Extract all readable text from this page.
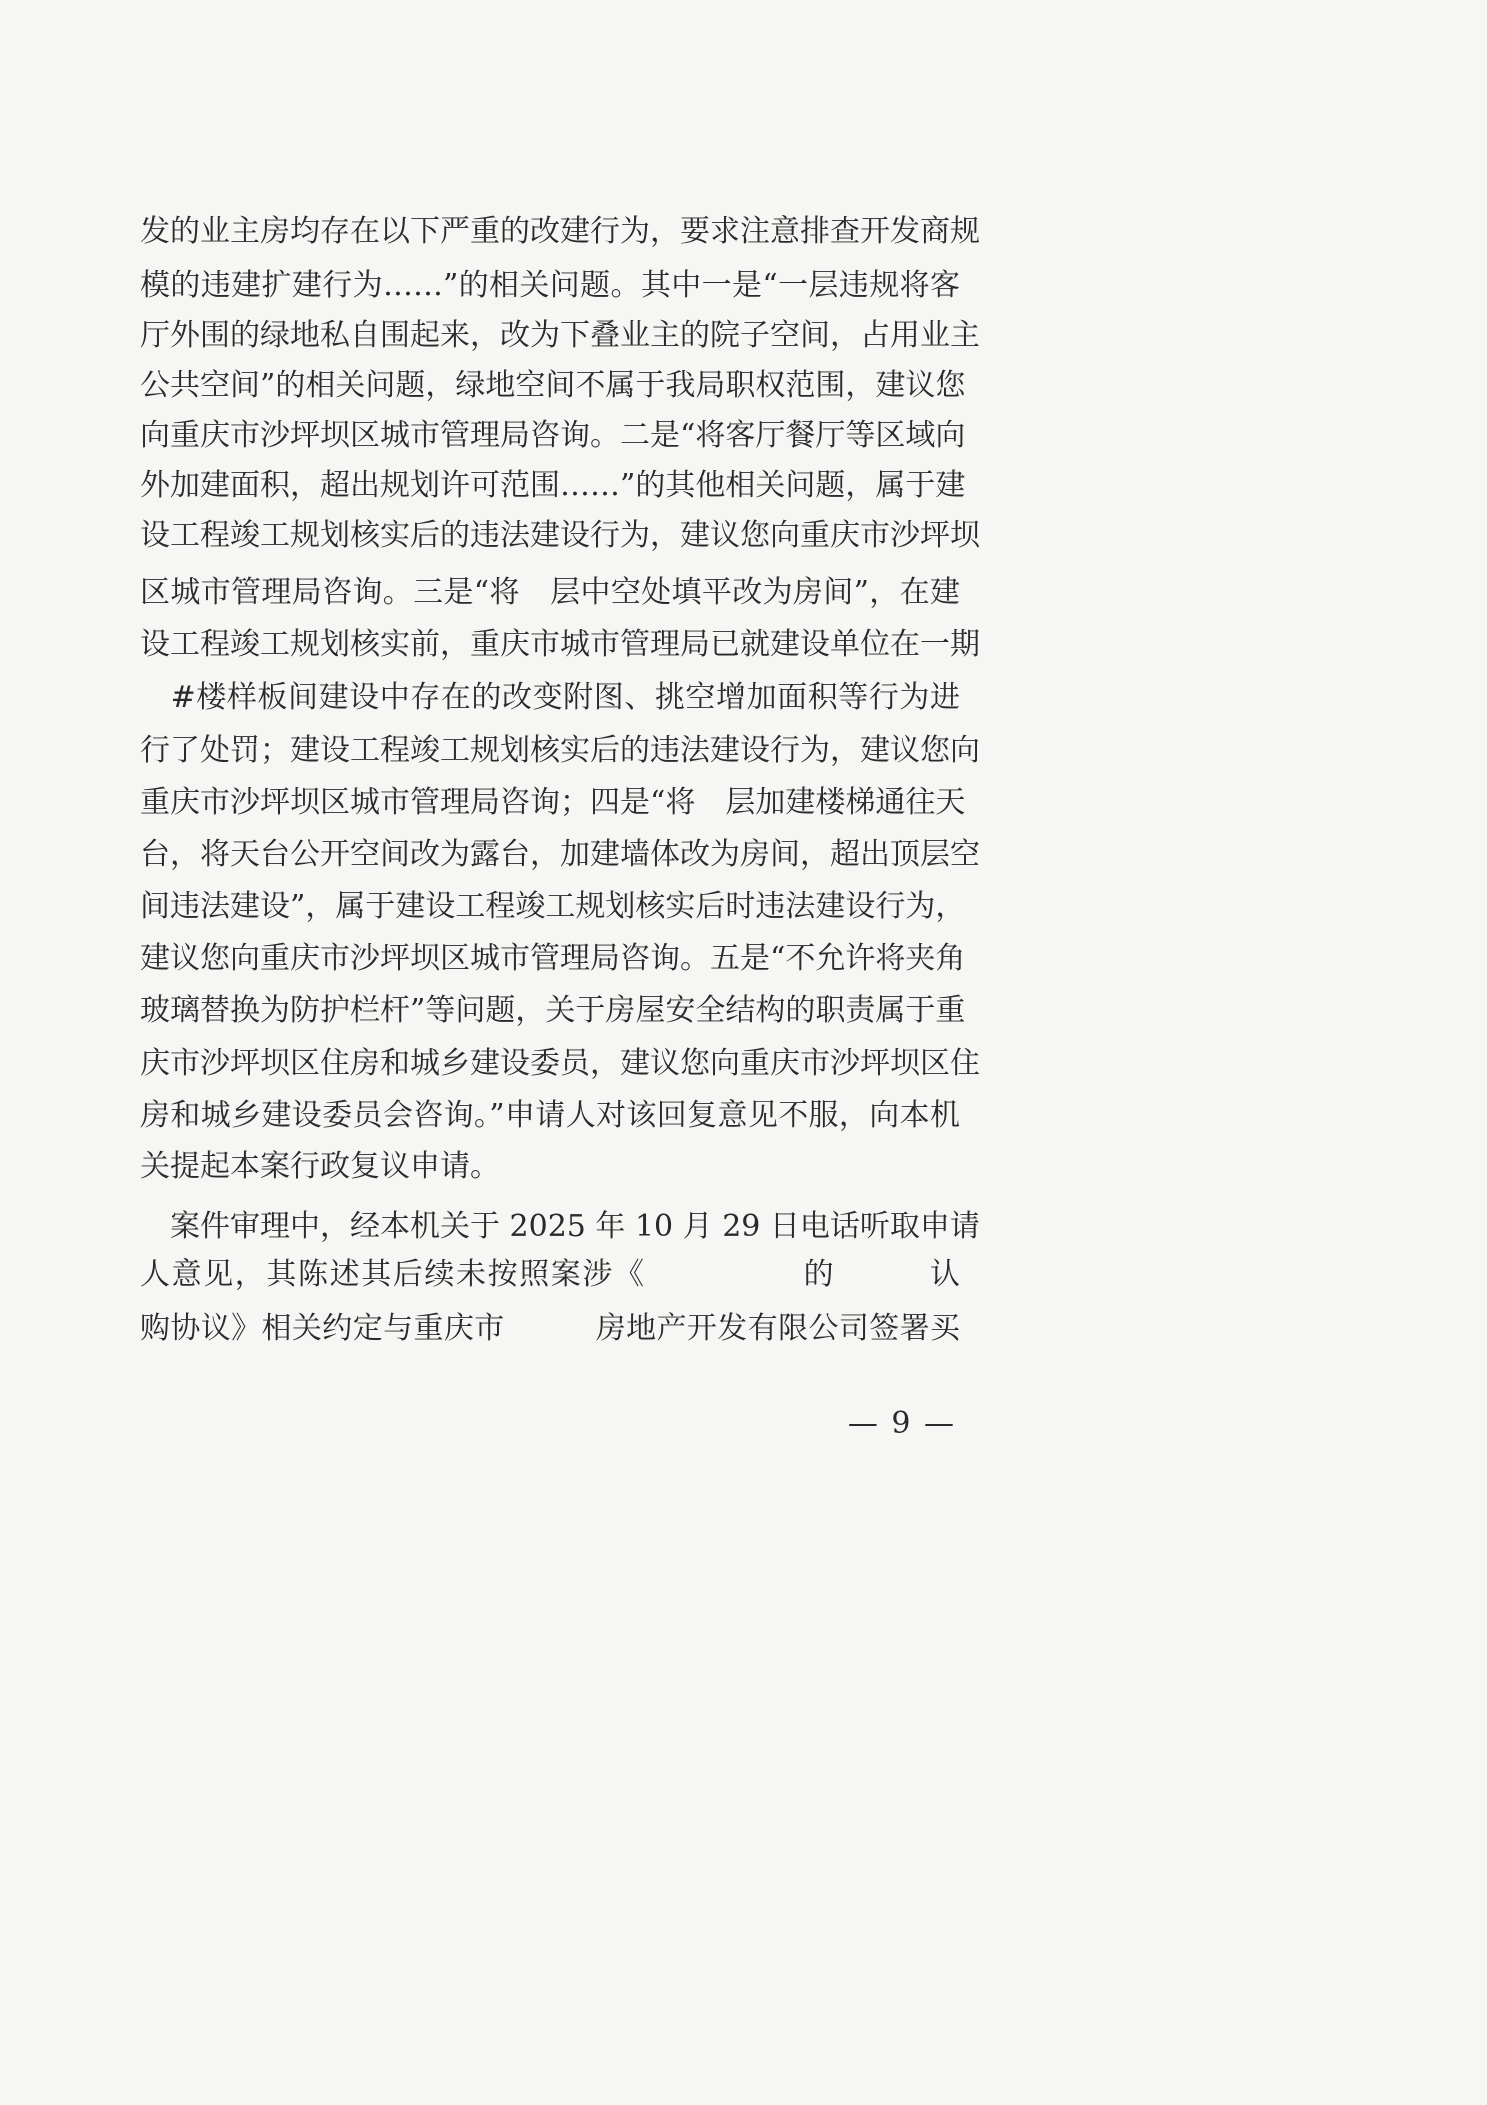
发的业主房均存在以下严重的改建行为，要求注意排查开发商规
模的违建扩建行为……”的相关问题。其中一是“一层违规将客
厅外围的绿地私自围起来，改为下叠业主的院子空间，占用业主
公共空间”的相关问题，绿地空间不属于我局职权范围，建议您
向重庆市沙坪坝区城市管理局咨询。二是“将客厅餐厅等区域向
外加建面积，超出规划许可范围……”的其他相关问题，属于建
设工程竣工规划核实后的违法建设行为，建议您向重庆市沙坪坝
区城市管理局咨询。三是“将　层中空处填平改为房间”，在建
设工程竣工规划核实前，重庆市城市管理局已就建设单位在一期
　#楼样板间建设中存在的改变附图、挑空增加面积等行为进
行了处罚；建设工程竣工规划核实后的违法建设行为，建议您向
重庆市沙坪坝区城市管理局咨询；四是“将　层加建楼梯通往天
台，将天台公开空间改为露台，加建墙体改为房间，超出顶层空
间违法建设”，属于建设工程竣工规划核实后时违法建设行为，
建议您向重庆市沙坪坝区城市管理局咨询。五是“不允许将夹角
玻璃替换为防护栏杆”等问题，关于房屋安全结构的职责属于重
庆市沙坪坝区住房和城乡建设委员，建议您向重庆市沙坪坝区住
房和城乡建设委员会咨询。”申请人对该回复意见不服，向本机
关提起本案行政复议申请。
　案件审理中，经本机关于 2025 年 10 月 29 日电话听取申请
人意见，其陈述其后续未按照案涉《　　　　　的　　　认
购协议》相关约定与重庆市　　　房地产开发有限公司签署买
— 9 —
